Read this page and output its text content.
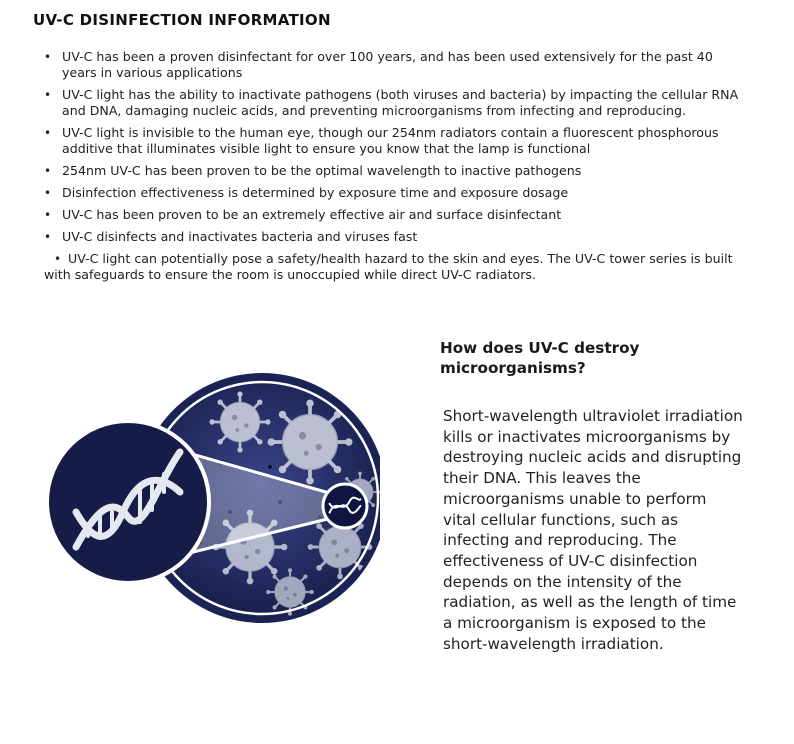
UV-C DISINFECTION INFORMATION
• UV-C has been a proven disinfectant for over 100 years, and has been used extensively for the past 40 years in various applications
• UV-C light has the ability to inactivate pathogens (both viruses and bacteria) by impacting the cellular RNA and DNA, damaging nucleic acids, and preventing microorganisms from infecting and reproducing.
• UV-C light is invisible to the human eye, though our 254nm radiators contain a fluorescent phosphorous additive that illuminates visible light to ensure you know that the lamp is functional
• 254nm UV-C has been proven to be the optimal wavelength to inactive pathogens
• Disinfection effectiveness is determined by exposure time and exposure dosage
• UV-C has been proven to be an extremely effective air and surface disinfectant
• UV-C disinfects and inactivates bacteria and viruses fast
• UV-C light can potentially pose a safety/health hazard to the skin and eyes. The UV-C tower series is built with safeguards to ensure the room is unoccupied while direct UV-C radiators.
How does UV-C destroy microorganisms?

Short-wavelength ultraviolet irradiation kills or inactivates microorganisms by destroying nucleic acids and disrupting their DNA. This leaves the microorganisms unable to perform vital cellular functions, such as infecting and reproducing. The effectiveness of UV-C disinfection depends on the intensity of the radiation, as well as the length of time a microorganism is exposed to the short-wavelength irradiation.
